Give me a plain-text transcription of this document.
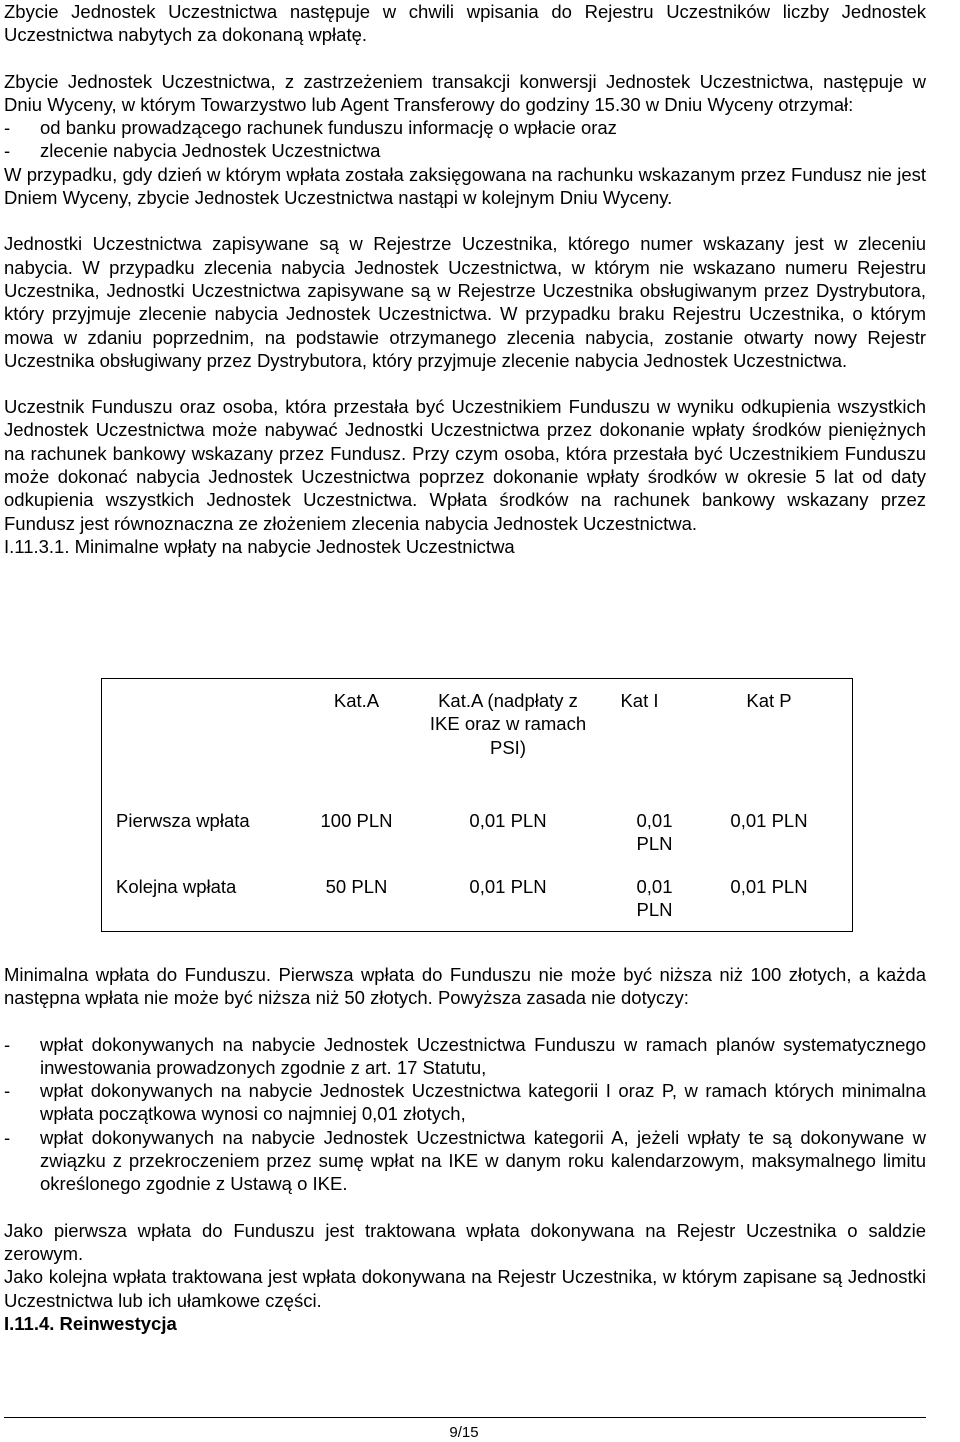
Zbycie Jednostek Uczestnictwa następuje w chwili wpisania do Rejestru Uczestników liczby Jednostek Uczestnictwa nabytych za dokonaną wpłatę.

Zbycie Jednostek Uczestnictwa, z zastrzeżeniem transakcji konwersji Jednostek Uczestnictwa, następuje w Dniu Wyceny, w którym Towarzystwo lub Agent Transferowy do godziny 15.30 w Dniu Wyceny otrzymał:

-	od banku prowadzącego rachunek funduszu informację o wpłacie oraz
-	zlecenie nabycia Jednostek Uczestnictwa

W przypadku, gdy dzień w którym wpłata została zaksięgowana na rachunku wskazanym przez Fundusz nie jest Dniem Wyceny, zbycie Jednostek Uczestnictwa nastąpi w kolejnym Dniu Wyceny.

Jednostki Uczestnictwa zapisywane są w Rejestrze Uczestnika, którego numer wskazany jest w zleceniu nabycia. W przypadku zlecenia nabycia Jednostek Uczestnictwa, w którym nie wskazano numeru Rejestru Uczestnika, Jednostki Uczestnictwa zapisywane są w Rejestrze Uczestnika obsługiwanym przez Dystrybutora, który przyjmuje zlecenie nabycia Jednostek Uczestnictwa. W przypadku braku Rejestru Uczestnika, o którym mowa w zdaniu poprzednim, na podstawie otrzymanego zlecenia nabycia, zostanie otwarty nowy Rejestr Uczestnika obsługiwany przez Dystrybutora, który przyjmuje zlecenie nabycia Jednostek Uczestnictwa.

Uczestnik Funduszu oraz osoba, która przestała być Uczestnikiem Funduszu w wyniku odkupienia wszystkich Jednostek Uczestnictwa może nabywać Jednostki Uczestnictwa przez dokonanie wpłaty środków pieniężnych na rachunek bankowy wskazany przez Fundusz. Przy czym osoba, która przestała być Uczestnikiem Funduszu może dokonać nabycia Jednostek Uczestnictwa poprzez dokonanie wpłaty środków w okresie 5 lat od daty odkupienia wszystkich Jednostek Uczestnictwa. Wpłata środków na rachunek bankowy wskazany przez Fundusz jest równoznaczna ze złożeniem zlecenia nabycia Jednostek Uczestnictwa.

I.11.3.1. Minimalne wpłaty na nabycie Jednostek Uczestnictwa

	Kat.A	Kat.A (nadpłaty z IKE oraz w ramach PSI)	Kat I	Kat P
Pierwsza wpłata	100 PLN	0,01 PLN	0,01 PLN	0,01 PLN
Kolejna wpłata	50 PLN	0,01 PLN	0,01 PLN	0,01 PLN

Minimalna wpłata do Funduszu. Pierwsza wpłata do Funduszu nie może być niższa niż 100 złotych, a każda następna wpłata nie może być niższa niż 50 złotych. Powyższa zasada nie dotyczy:

-	wpłat dokonywanych na nabycie Jednostek Uczestnictwa Funduszu w ramach planów systematycznego inwestowania prowadzonych zgodnie z art. 17 Statutu,
-	wpłat dokonywanych na nabycie Jednostek Uczestnictwa kategorii I oraz P, w ramach których minimalna wpłata początkowa wynosi co najmniej 0,01 złotych,
-	wpłat dokonywanych na nabycie Jednostek Uczestnictwa kategorii A, jeżeli wpłaty te są dokonywane w związku z przekroczeniem przez sumę wpłat na IKE w danym roku kalendarzowym, maksymalnego limitu określonego zgodnie z Ustawą o IKE.

Jako pierwsza wpłata do Funduszu jest traktowana wpłata dokonywana na Rejestr Uczestnika o saldzie zerowym.

Jako kolejna wpłata traktowana jest wpłata dokonywana na Rejestr Uczestnika, w którym zapisane są Jednostki Uczestnictwa lub ich ułamkowe części.

I.11.4. Reinwestycja

9/15
